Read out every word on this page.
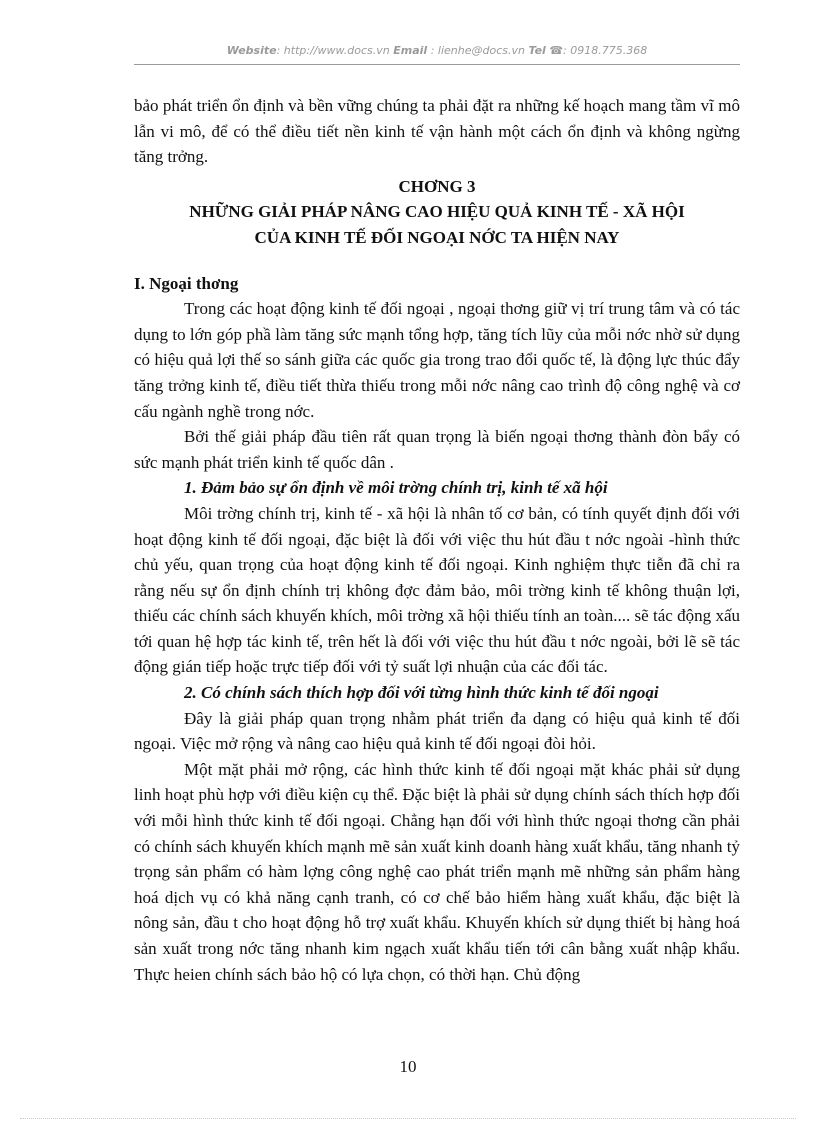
Website: http://www.docs.vn Email : lienhe@docs.vn Tel ☎: 0918.775.368

bảo phát triển ổn định và bền vững chúng ta phải đặt ra những kế hoạch mang tầm vĩ mô lẫn vi mô, để có thể điều tiết nền kinh tế vận hành một cách ổn định và không ngừng tăng trởng.

CHƠNG 3

NHỮNG GIẢI PHÁP NÂNG CAO HIỆU QUẢ KINH TẾ - XÃ HỘI

CỦA KINH TẾ ĐỐI NGOẠI NỚC TA HIỆN NAY

I. Ngoại thơng

Trong các hoạt động kinh tế đối ngoại , ngoại thơng giữ vị trí trung tâm và có tác dụng to lớn góp phầ làm tăng sức mạnh tổng hợp, tăng tích lũy của mỗi nớc nhờ sử dụng có hiệu quả lợi thế so sánh giữa các quốc gia trong trao đổi quốc tế, là động lực thúc đẩy tăng trởng kinh tế, điều tiết thừa thiếu trong mỗi nớc nâng cao trình độ công nghệ và cơ cấu ngành nghề trong nớc.

Bởi thế giải pháp đầu tiên rất quan trọng là biến ngoại thơng thành đòn bẩy có sức mạnh phát triển kinh tế quốc dân .

1. Đảm bảo sự ổn định về môi trờng chính trị, kinh tế xã hội

Môi trờng chính trị, kinh tế - xã hội là nhân tố cơ bản, có tính quyết định đối với hoạt động kinh tế đối ngoại, đặc biệt là đối với việc thu hút đầu t nớc ngoài -hình thức chủ yếu, quan trọng của hoạt động kinh tế đối ngoại. Kinh nghiệm thực tiễn đã chỉ ra rằng nếu sự ổn định chính trị không đợc đảm bảo, môi trờng kinh tế không thuận lợi, thiếu các chính sách khuyến khích, môi trờng xã hội thiếu tính an toàn.... sẽ tác động xấu tới quan hệ hợp tác kinh tế, trên hết là đối với việc thu hút đầu t nớc ngoài, bởi lẽ sẽ tác động gián tiếp hoặc trực tiếp đối với tỷ suất lợi nhuận của các đối tác.

2. Có chính sách thích hợp đối với từng hình thức kinh tế đối ngoại

Đây là giải pháp quan trọng nhằm phát triển đa dạng có hiệu quả kinh tế đối ngoại. Việc mở rộng và nâng cao hiệu quả kinh tế đối ngoại đòi hỏi.

Một mặt phải mở rộng, các hình thức kinh tế đối ngoại mặt khác phải sử dụng linh hoạt phù hợp với điều kiện cụ thể. Đặc biệt là phải sử dụng chính sách thích hợp đối với mỗi hình thức kinh tế đối ngoại. Chẳng hạn đối với hình thức ngoại thơng cần phải có chính sách khuyến khích mạnh mẽ sản xuất kinh doanh hàng xuất khẩu, tăng nhanh tỷ trọng sản phẩm có hàm lợng công nghệ cao phát triển mạnh mẽ những sản phẩm hàng hoá dịch vụ có khả năng cạnh tranh, có cơ chế bảo hiểm hàng xuất khẩu, đặc biệt là nông sản, đầu t cho hoạt động hỗ trợ xuất khẩu. Khuyến khích sử dụng thiết bị hàng hoá sản xuất trong nớc tăng nhanh kim ngạch xuất khẩu tiến tới cân bằng xuất nhập khẩu. Thực heien chính sách bảo hộ có lựa chọn, có thời hạn. Chủ động

10
